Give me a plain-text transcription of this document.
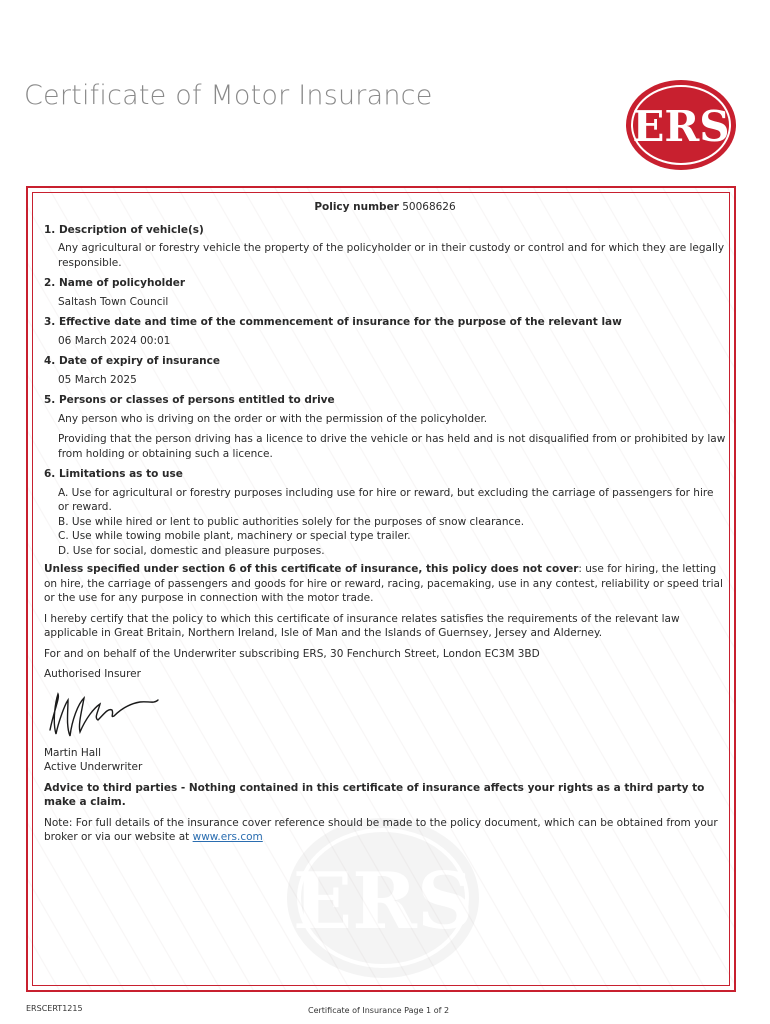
Certificate of Motor Insurance
ERS
ERS
Policy number 50068626
1. Description of vehicle(s)
Any agricultural or forestry vehicle the property of the policyholder or in their custody or control and for which they are legally responsible.
2. Name of policyholder
Saltash Town Council
3. Effective date and time of the commencement of insurance for the purpose of the relevant law
06 March 2024 00:01
4. Date of expiry of insurance
05 March 2025
5. Persons or classes of persons entitled to drive
Any person who is driving on the order or with the permission of the policyholder.
Providing that the person driving has a licence to drive the vehicle or has held and is not disqualified from or prohibited by law from holding or obtaining such a licence.
6. Limitations as to use
A. Use for agricultural or forestry purposes including use for hire or reward, but excluding the carriage of passengers for hire or reward.
B. Use while hired or lent to public authorities solely for the purposes of snow clearance.
C. Use while towing mobile plant, machinery or special type trailer.
D. Use for social, domestic and pleasure purposes.
Unless specified under section 6 of this certificate of insurance, this policy does not cover: use for hiring, the letting on hire, the carriage of passengers and goods for hire or reward, racing, pacemaking, use in any contest, reliability or speed trial or the use for any purpose in connection with the motor trade.
I hereby certify that the policy to which this certificate of insurance relates satisfies the requirements of the relevant law applicable in Great Britain, Northern Ireland, Isle of Man and the Islands of Guernsey, Jersey and Alderney.
For and on behalf of the Underwriter subscribing ERS, 30 Fenchurch Street, London EC3M 3BD
Authorised Insurer
Martin Hall
Active Underwriter
Advice to third parties - Nothing contained in this certificate of insurance affects your rights as a third party to make a claim.
Note: For full details of the insurance cover reference should be made to the policy document, which can be obtained from your broker or via our website at www.ers.com
ERSCERT1215	Certificate of Insurance Page 1 of 2
